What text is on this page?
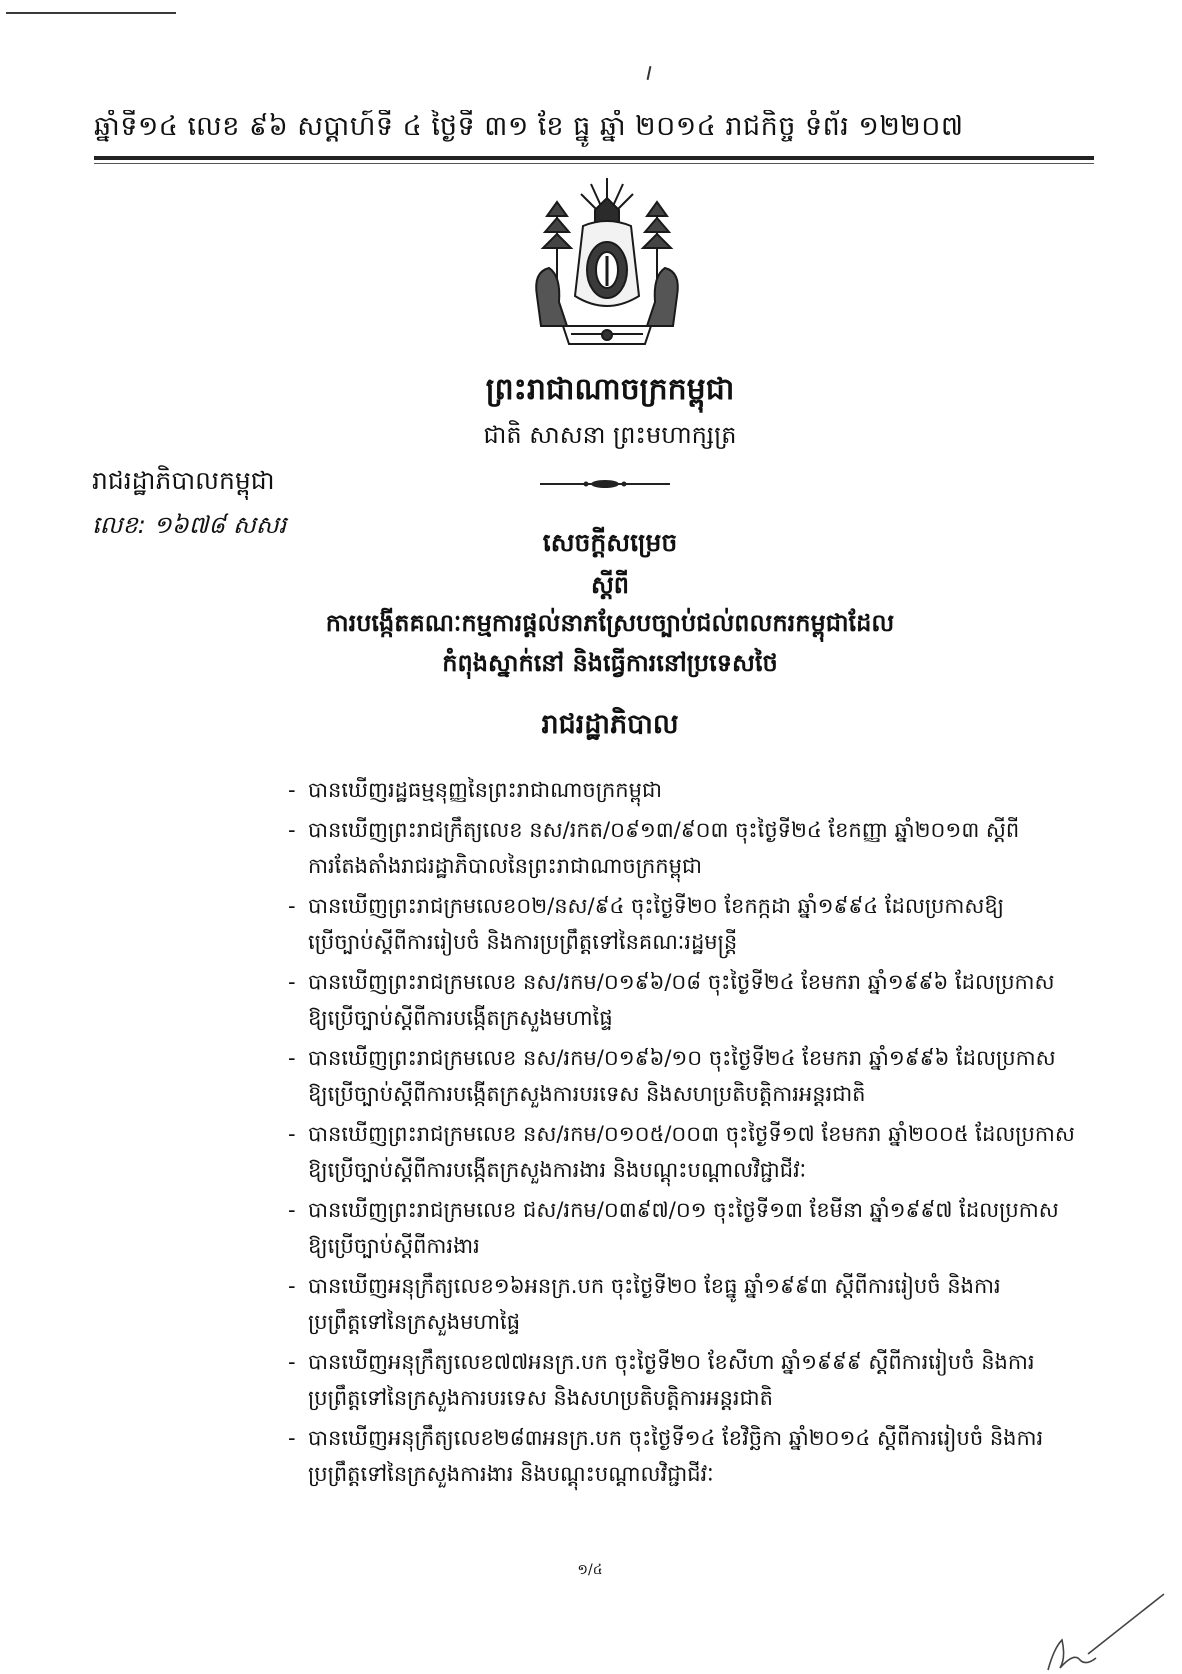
ឆ្នាំទី១៤ លេខ ៩៦ សប្តាហ៍ទី ៤ ថ្ងៃទី ៣១ ខែ ធ្នូ ឆ្នាំ ២០១៤ រាជកិច្ច ទំព័រ ១២២០៧
ព្រះរាជាណាចក្រកម្ពុជា
ជាតិ សាសនា ព្រះមហាក្សត្រ
រាជរដ្ឋាភិបាលកម្ពុជា
លេខ: ១៦៧៨ សសរ
សេចក្តីសម្រេច
ស្តីពី
ការបង្កើតគណៈកម្មការផ្តល់នាភស្រែបច្បាប់ជល់ពលករកម្ពុជាដែល
កំពុងស្នាក់នៅ និងធ្វើការនៅប្រទេសថៃ
រាជរដ្ឋាភិបាល
- បានឃើញរដ្ឋធម្មនុញ្ញនៃព្រះរាជាណាចក្រកម្ពុជា
- បានឃើញព្រះរាជក្រឹត្យលេខ នស/រកត/០៩១៣/៩០៣ ចុះថ្ងៃទី២៤ ខែកញ្ញា ឆ្នាំ២០១៣ ស្តីពី
ការតែងតាំងរាជរដ្ឋាភិបាលនៃព្រះរាជាណាចក្រកម្ពុជា
- បានឃើញព្រះរាជក្រមលេខ០២/នស/៩៤ ចុះថ្ងៃទី២០ ខែកក្កដា ឆ្នាំ១៩៩៤ ដែលប្រកាសឱ្យ
ប្រើច្បាប់ស្តីពីការរៀបចំ និងការប្រព្រឹត្តទៅនៃគណៈរដ្ឋមន្ត្រី
- បានឃើញព្រះរាជក្រមលេខ នស/រកម/០១៩៦/០៨ ចុះថ្ងៃទី២៤ ខែមករា ឆ្នាំ១៩៩៦ ដែលប្រកាស
ឱ្យប្រើច្បាប់ស្តីពីការបង្កើតក្រសួងមហាផ្ទៃ
- បានឃើញព្រះរាជក្រមលេខ នស/រកម/០១៩៦/១០ ចុះថ្ងៃទី២៤ ខែមករា ឆ្នាំ១៩៩៦ ដែលប្រកាស
ឱ្យប្រើច្បាប់ស្តីពីការបង្កើតក្រសួងការបរទេស និងសហប្រតិបត្តិការអន្តរជាតិ
- បានឃើញព្រះរាជក្រមលេខ នស/រកម/០១០៥/០០៣ ចុះថ្ងៃទី១៧ ខែមករា ឆ្នាំ២០០៥ ដែលប្រកាស
ឱ្យប្រើច្បាប់ស្តីពីការបង្កើតក្រសួងការងារ និងបណ្តុះបណ្តាលវិជ្ជាជីវៈ
- បានឃើញព្រះរាជក្រមលេខ ជស/រកម/០៣៩៧/០១ ចុះថ្ងៃទី១៣ ខែមីនា ឆ្នាំ១៩៩៧ ដែលប្រកាស
ឱ្យប្រើច្បាប់ស្តីពីការងារ
- បានឃើញអនុក្រឹត្យលេខ១៦អនក្រ.បក ចុះថ្ងៃទី២០ ខែធ្នូ ឆ្នាំ១៩៩៣ ស្តីពីការរៀបចំ និងការ
ប្រព្រឹត្តទៅនៃក្រសួងមហាផ្ទៃ
- បានឃើញអនុក្រឹត្យលេខ៧៧អនក្រ.បក ចុះថ្ងៃទី២០ ខែសីហា ឆ្នាំ១៩៩៩ ស្តីពីការរៀបចំ និងការ
ប្រព្រឹត្តទៅនៃក្រសួងការបរទេស និងសហប្រតិបត្តិការអន្តរជាតិ
- បានឃើញអនុក្រឹត្យលេខ២៨៣អនក្រ.បក ចុះថ្ងៃទី១៤ ខែវិច្ឆិកា ឆ្នាំ២០១៤ ស្តីពីការរៀបចំ និងការ
ប្រព្រឹត្តទៅនៃក្រសួងការងារ និងបណ្តុះបណ្តាលវិជ្ជាជីវៈ
១/៤
